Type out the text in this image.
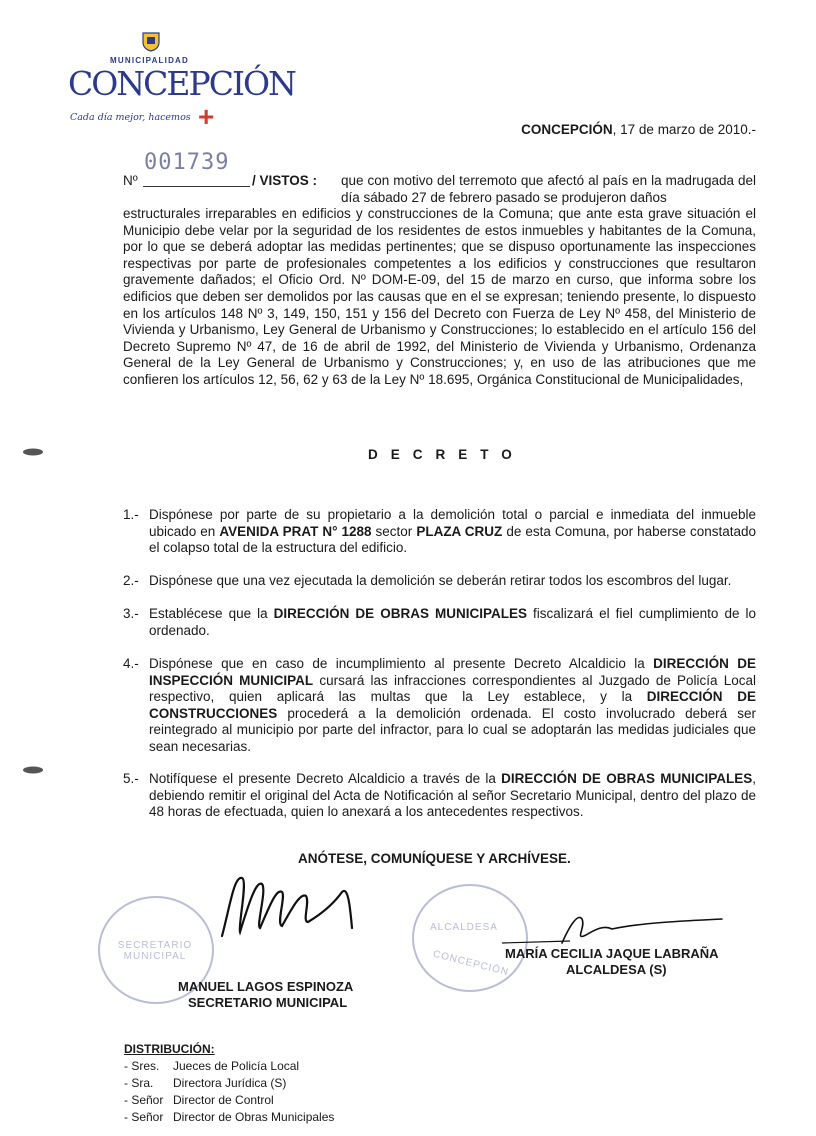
MUNICIPALIDAD
CONCEPCIÓN
Cada día mejor, hacemos +	CONCEPCIÓN, 17 de marzo de 2010.-
001739
Nº	/ VISTOS : que con motivo del terremoto que afectó al país en la madrugada del día sábado 27 de febrero pasado se produjeron daños
estructurales irreparables en edificios y construcciones de la Comuna; que ante esta grave situación el Municipio debe velar por la seguridad de los residentes de estos inmuebles y habitantes de la Comuna, por lo que se deberá adoptar las medidas pertinentes; que se dispuso oportunamente las inspecciones respectivas por parte de profesionales competentes a los edificios y construcciones que resultaron gravemente dañados; el Oficio Ord. Nº DOM-E-09, del 15 de marzo en curso, que informa sobre los edificios que deben ser demolidos por las causas que en el se expresan; teniendo presente, lo dispuesto en los artículos 148 Nº 3, 149, 150, 151 y 156 del Decreto con Fuerza de Ley Nº 458, del Ministerio de Vivienda y Urbanismo, Ley General de Urbanismo y Construcciones; lo establecido en el artículo 156 del Decreto Supremo Nº 47, de 16 de abril de 1992, del Ministerio de Vivienda y Urbanismo, Ordenanza General de la Ley General de Urbanismo y Construcciones; y, en uso de las atribuciones que me confieren los artículos 12, 56, 62 y 63 de la Ley Nº 18.695, Orgánica Constitucional de Municipalidades,
DECRETO
1.- Dispónese por parte de su propietario a la demolición total o parcial e inmediata del inmueble ubicado en AVENIDA PRAT N° 1288 sector PLAZA CRUZ de esta Comuna, por haberse constatado el colapso total de la estructura del edificio.
2.- Dispónese que una vez ejecutada la demolición se deberán retirar todos los escombros del lugar.
3.- Establécese que la DIRECCIÓN DE OBRAS MUNICIPALES fiscalizará el fiel cumplimiento de lo ordenado.
4.- Dispónese que en caso de incumplimiento al presente Decreto Alcaldicio la DIRECCIÓN DE INSPECCIÓN MUNICIPAL cursará las infracciones correspondientes al Juzgado de Policía Local respectivo, quien aplicará las multas que la Ley establece, y la DIRECCIÓN DE CONSTRUCCIONES procederá a la demolición ordenada. El costo involucrado deberá ser reintegrado al municipio por parte del infractor, para lo cual se adoptarán las medidas judiciales que sean necesarias.
5.- Notifíquese el presente Decreto Alcaldicio a través de la DIRECCIÓN DE OBRAS MUNICIPALES, debiendo remitir el original del Acta de Notificación al señor Secretario Municipal, dentro del plazo de 48 horas de efectuada, quien lo anexará a los antecedentes respectivos.
ANÓTESE, COMUNÍQUESE Y ARCHÍVESE.
SECRETARIO MUNICIPAL
ALCALDESA
CONCEPCIÓN
MANUEL LAGOS ESPINOZA
SECRETARIO MUNICIPAL
MARÍA CECILIA JAQUE LABRAÑA
ALCALDESA (S)
DISTRIBUCIÓN:
- Sres.	Jueces de Policía Local
- Sra.	Directora Jurídica (S)
- Señor Director de Control
- Señor Director de Obras Municipales
